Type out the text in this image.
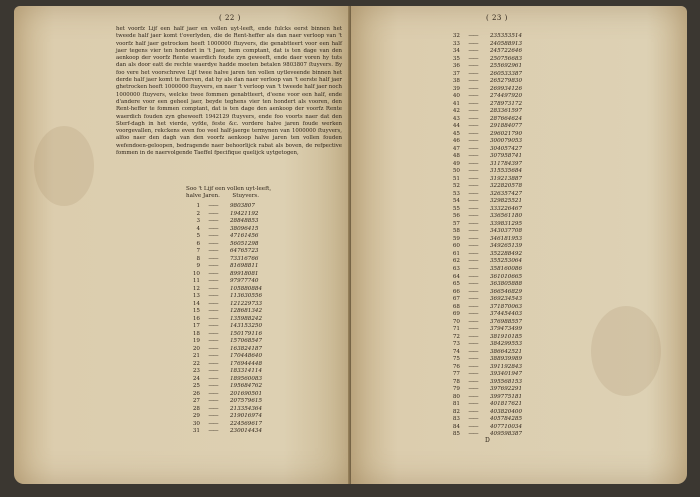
( 22 )

het voorfz Lijf een half jaer en vollen uyt-leeft, ende fulcks eerst binnen het tweede half jaer komt t'overlyden, die de Rent-heffer als dan naer verloop van 't voorfz half jaer getrocken heeft 1000000 ſtuyvers, die genabtteert voor een half jaer tegens vier ten hondert in 't Jaer, hem comptant, dat is ten dage van den aenkoop der voorfz Rente waerdich foude zyn geweeft, ende daer voren hy tuts dan als door eatt de rechte waerdye hadde moeten betalen 9803807 ſtuyvers. By foo vere het voorschreve Lijf twee halve jaren ten vollen uytleveende binnen het derde half jaer komt te fterven, dat hy als dan naer verloop van 't eerste half jaer ghetrocken heeft 1000000 ſtuyvers, en naer 't verloop van 't tweede half jaer noch 1000000 ſtuyvers, welcke twee fommen genabtteert, d'eene voor een half, ende d'andere voor een geheel jaer, beyde teghens vier ten hondert als vooren, den Rent-heffer te fommen comptant, dat is ten dage den aenkoop der voorfz Rente waerdich fouden zyn gheweeft 1942129 ſtuyvers, ende foo voorts naer dat den Sterf-dagh in het vierde, vyfde, feste &c. vordere halve jaren foude werken voorgevallen, rekckens even foo veel half-jaerge termynen van 1000000 ſtuyvers, alfoo naer den dagh van den voorfz aenkoop halve jaren ten vollen fouden wefendoen-geloopen, bedragende naer behoorlijck rabat als boven, de refpective fommen in de naervolgende Taeffel fpecifique quelijck uytgetogen,

Soo 't Lijf een vollen uyt-leeft,
halve Jaren. Stuyvers.
1	——	9803807
2	——	19421192
3	——	28848853
4	——	38096415
5	——	47161456
6	——	56051298
7	——	64765723
8	——	73316766
9	——	81698811
10	——	89918081
11	——	97977740
12	——	105880884
13	——	113630556
14	——	121229733
15	——	128681342
16	——	135988242
17	——	143153250
18	——	150179116
19	——	157068547
20	——	163824187
21	——	170448640
22	——	176944448
23	——	183314114
24	——	189560083
25	——	195684762
26	——	201690501
27	——	207579615
28	——	213354364
29	——	219016974
30	——	224569617
31	——	230014434
( 23 )
32	——	235353514
33	——	240588913
34	——	245722646
35	——	250756683
36	——	255692961
37	——	260533387
38	——	265279830
39	——	269934126
40	——	274497920
41	——	278973172
42	——	283361597
43	——	287664624
44	——	291884077
45	——	296021790
46	——	300079053
47	——	304057427
48	——	307958741
49	——	311784397
50	——	315535684
51	——	319213887
52	——	322820578
53	——	326357427
54	——	329825521
55	——	333226467
56	——	336561180
57	——	339831295
58	——	343037708
59	——	346181953
60	——	349265139
61	——	352288492
62	——	355253064
63	——	358160086
64	——	361010665
65	——	363805888
66	——	366546829
67	——	369234543
68	——	371870063
69	——	374454403
70	——	376988557
71	——	379473499
72	——	381910185
73	——	384299553
74	——	386642521
75	——	388939989
76	——	391192843
77	——	393401947
78	——	395568153
79	——	397692291
80	——	399775181
81	——	401817621
82	——	403820400
83	——	405784285
84	——	407710034
85	——	409598387
D
